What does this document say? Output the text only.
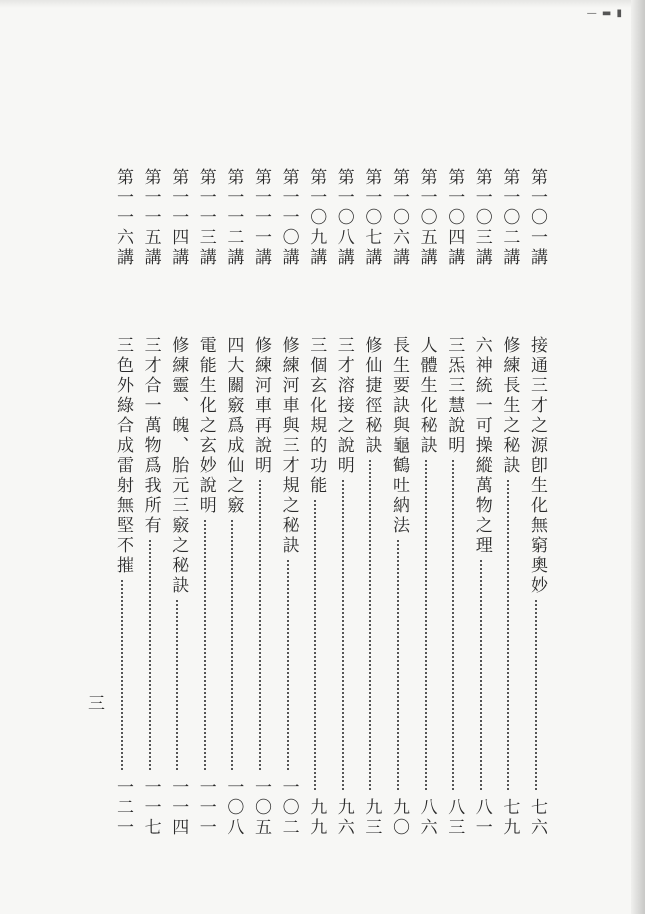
— ▬ ▮
第一〇一講
接通三才之源卽生化無窮奧妙
七六
第一〇二講
修練長生之秘訣
七九
第一〇三講
六神統一可操縱萬物之理
八一
第一〇四講
三炁三慧說明
八三
第一〇五講
人體生化秘訣
八六
第一〇六講
長生要訣與龜鶴吐納法
九〇
第一〇七講
修仙捷徑秘訣
九三
第一〇八講
三才溶接之說明
九六
第一〇九講
三個玄化規的功能
九九
第一一〇講
修練河車與三才規之秘訣
一〇二
第一一一講
修練河車再說明
一〇五
第一一二講
四大關竅爲成仙之竅
一〇八
第一一三講
電能生化之玄妙說明
一一一
第一一四講
修練靈、魄、胎元三竅之秘訣
一一四
第一一五講
三才合一萬物爲我所有
一一七
第一一六講
三色外綠合成雷射無堅不摧
一二一
三
